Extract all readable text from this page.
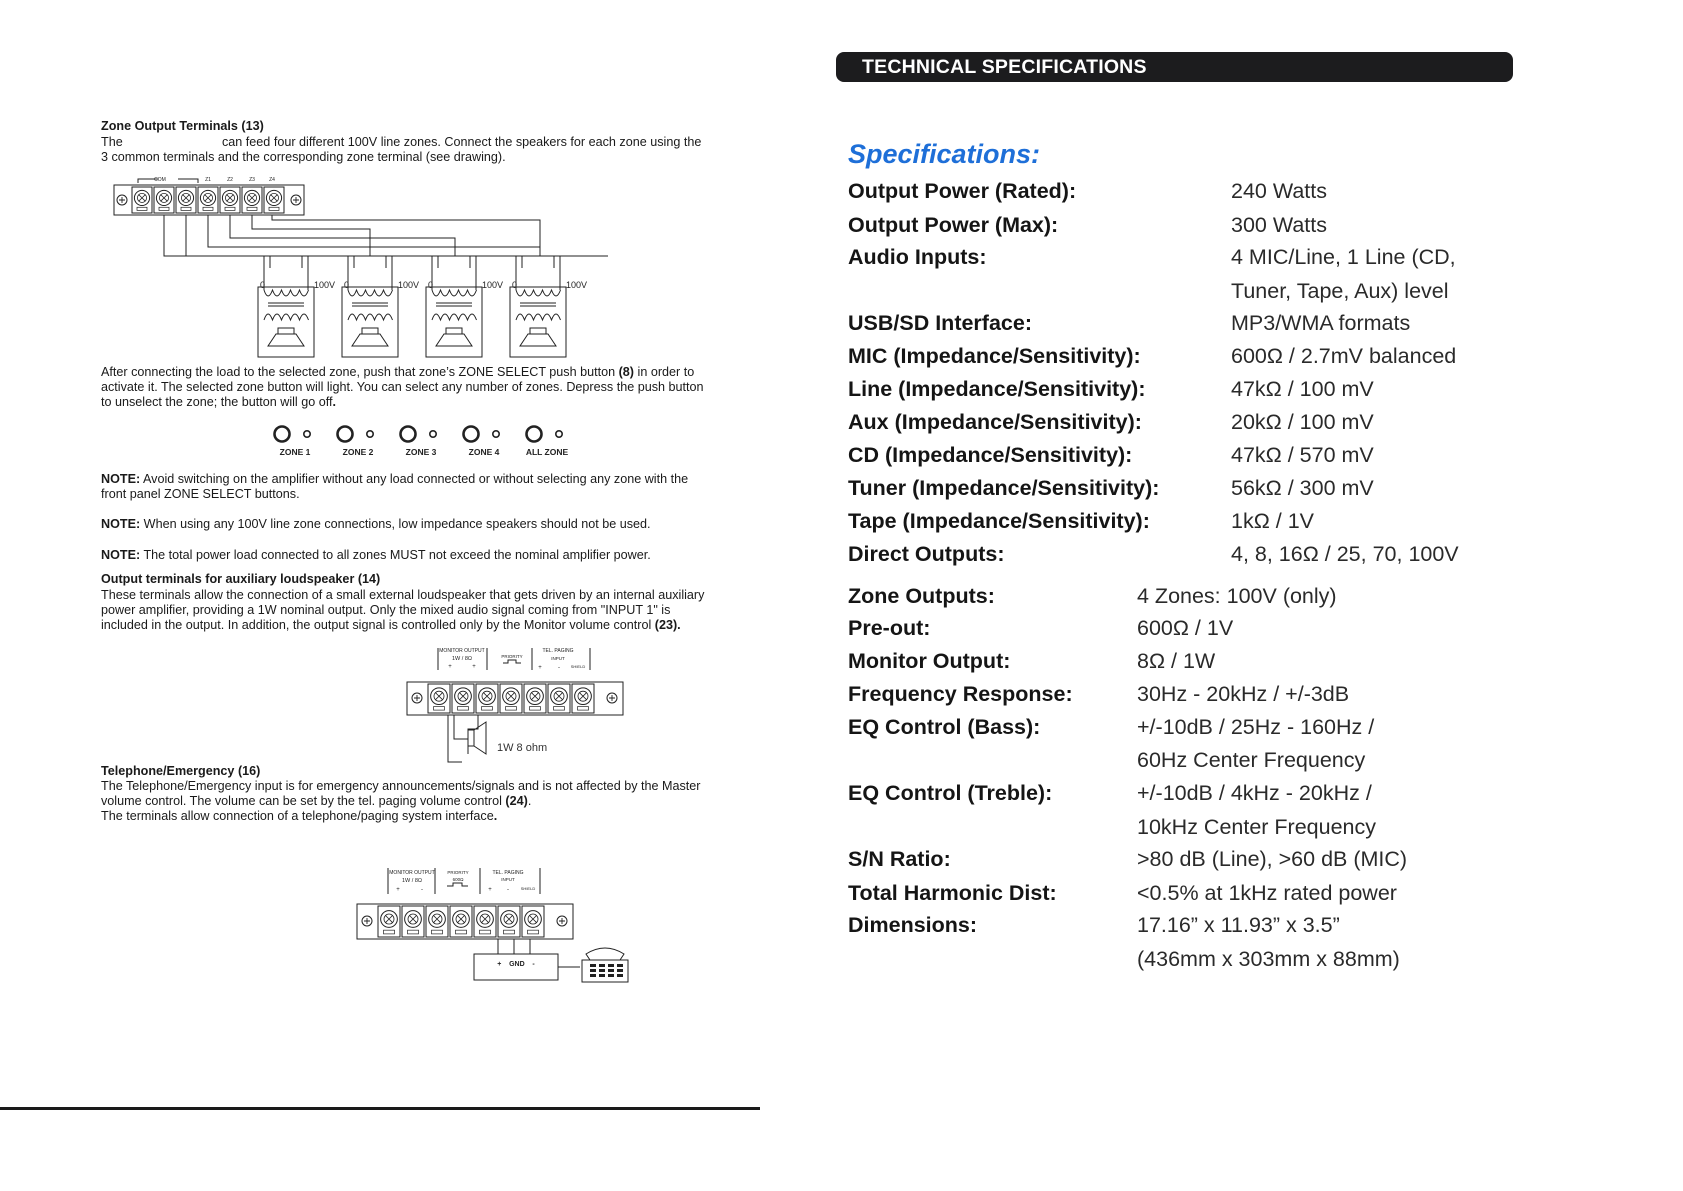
Zone Output Terminals (13)
The	can feed four different 100V line zones. Connect the speakers for each zone using the
3 common terminals and the corresponding zone terminal (see drawing).
COM	Z1	Z2	Z3	Z4
0	100V 0	100V 0	100V 0	100V
After connecting the load to the selected zone, push that zone’s ZONE SELECT push button (8) in order to
activate it. The selected zone button will light. You can select any number of zones. Depress the push button
to unselect the zone; the button will go off.
ZONE 1	ZONE 2	ZONE 3	ZONE 4	ALL ZONE
NOTE: Avoid switching on the amplifier without any load connected or without selecting any zone with the
front panel ZONE SELECT buttons.
NOTE: When using any 100V line zone connections, low impedance speakers should not be used.
NOTE: The total power load connected to all zones MUST not exceed the nominal amplifier power.
Output terminals for auxiliary loudspeaker (14)
These terminals allow the connection of a small external loudspeaker that gets driven by an internal auxiliary
power amplifier, providing a 1W nominal output. Only the mixed audio signal coming from "INPUT 1" is
included in the output. In addition, the output signal is controlled only by the Monitor volume control (23).
MONITOR OUTPUT
1W / 8Ω
+	+
PRIORITY
TEL. PAGING
INPUT
+	-	SHIELD
1W 8 ohm
Telephone/Emergency (16)
The Telephone/Emergency input is for emergency announcements/signals and is not affected by the Master
volume control. The volume can be set by the tel. paging volume control (24).
The terminals allow connection of a telephone/paging system interface.
MONITOR OUTPUT
1W / 8Ω
+	-
PRIORITY
600Ω
TEL. PAGING
INPUT
+	-	SHIELD
+    GND    -
TECHNICAL SPECIFICATIONS
Specifications:
Output Power (Rated):	240 Watts
Output Power (Max):	300 Watts
Audio Inputs:	4 MIC/Line, 1 Line (CD,
Tuner, Tape, Aux) level
USB/SD Interface:	MP3/WMA formats
MIC (Impedance/Sensitivity):	600Ω / 2.7mV balanced
Line (Impedance/Sensitivity):	47kΩ / 100 mV
Aux (Impedance/Sensitivity):	20kΩ / 100 mV
CD (Impedance/Sensitivity):	47kΩ / 570 mV
Tuner (Impedance/Sensitivity):	56kΩ / 300 mV
Tape (Impedance/Sensitivity):	1kΩ / 1V
Direct Outputs:	4, 8, 16Ω / 25, 70, 100V
Zone Outputs:	4 Zones: 100V (only)
Pre-out:	600Ω / 1V
Monitor Output:	8Ω / 1W
Frequency Response:	30Hz - 20kHz / +/-3dB
EQ Control (Bass):	+/-10dB / 25Hz - 160Hz /
60Hz Center Frequency
EQ Control (Treble):	+/-10dB / 4kHz - 20kHz /
10kHz Center Frequency
S/N Ratio:	>80 dB (Line), >60 dB (MIC)
Total Harmonic Dist:	<0.5% at 1kHz rated power
Dimensions:	17.16” x 11.93” x 3.5”
(436mm x 303mm x 88mm)
